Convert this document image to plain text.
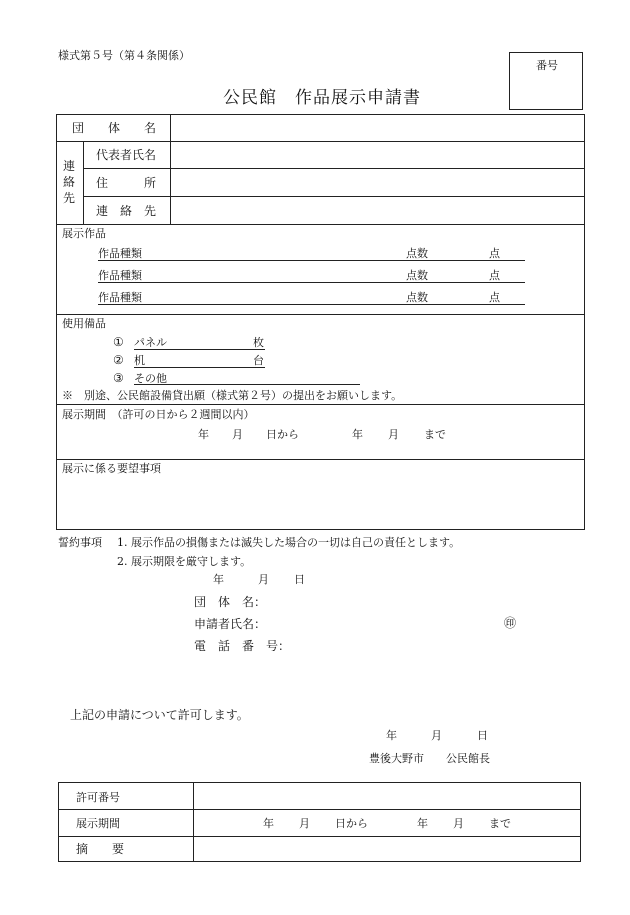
様式第５号（第４条関係）
番号
公民館　作品展示申請書
団　　体　　名
連
絡
先
代表者氏名
住　　　所
連　絡　先
展示作品
作品種類	点数	点
作品種類	点数	点
作品種類	点数	点
使用備品
① パネル	枚
② 机	台
③ その他
※　別途、公民館設備貸出願（様式第２号）の提出をお願いします。
展示期間　（許可の日から２週間以内）
年 月 日から	年 月 まで
展示に係る要望事項
誓約事項 1. 展示作品の損傷または滅失した場合の一切は自己の責任とします。
2. 展示期限を厳守します。
年	月 日
団　体　名：
申請者氏名：	㊞
電　話　番　号：
上記の申請について許可します。
年	月	日
豊後大野市　　公民館長
許可番号
展示期間	年 月 日から	年 月 まで
摘　　要
